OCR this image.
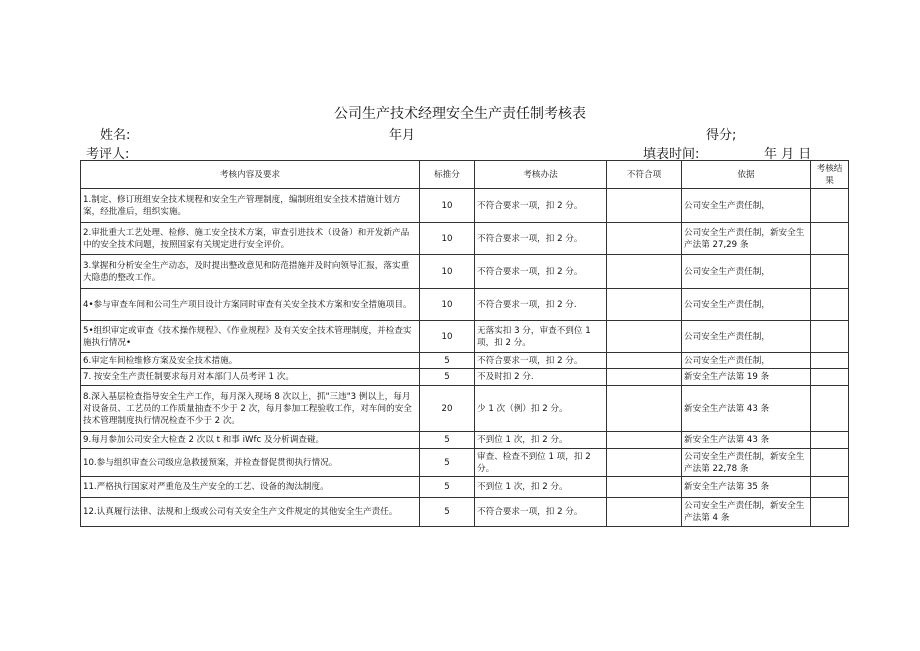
公司生产技术经理安全生产责任制考核表
姓名:	年月	得分;
考评人:	填表时间:	年 月 日
考核内容及要求	标推分	考核办法	不符合项	依据	考核结果
1.制定、修订班组安全技术规程和安全生产管理制度，编制班组安全技术措施计划方案，经批准后，组织实施。	10	不符合要求一项，扣 2 分。		公司安全生产责任制，	
2.审批重大工艺处理、检修、施工安全技术方案，审查引进技术（设备）和开发新产品中的安全技术问题，按照国家有关规定进行安全评价。	10	不符合要求一项，扣 2 分。		公司安全生产责任制，新安全生产法第 27,29 条	
3.掌握和分析安全生产动态，及时提出整改意见和防范措施并及时向领导汇报，落实重大隐患的整改工作。	10	不符合要求一项，扣 2 分。		公司安全生产责任制，	
4•参与审查车间和公司生产项目设计方案同时审查有关安全技术方案和安全措施项目。	10	不符合要求一项，扣 2 分.		公司安全生产责任制，	
5•组织审定或审查《技术操作规程》、《作业规程》及有关安全技术管理制度，并检查实施执行情况•	10	无落实扣 3 分，审查不到位 1 项，扣 2 分。		公司安全生产责任制，	
6.审定车间检维修方案及安全技术措施。	5	不符合要求一项，扣 2 分。		公司安全生产责任制，	
7. 按安全生产责任制要求每月对本部门人员考评 1 次。	5	不及时扣 2 分.		新安全生产法第 19 条	
8.深入基层检查指导安全生产工作，每月深入现场 8 次以上，抓"三违"3 例以上，每月对设备员、工艺员的工作质量抽查不少于 2 次，每月参加工程验收工作，对车间的安全技术管理制度执行情况检查不少于 2 次。	20	少 1 次（例）扣 2 分。		新安全生产法第 43 条	
9.每月参加公司安全大检查 2 次以 t 和事 iWfc 及分析调查碰。	5	不到位 1 次，扣 2 分。		新安全生产法第 43 条	
10.参与组织审查公司级应急救援预案，并检查督促贯彻执行情况。	5	审查、检查不到位 1 项，扣 2 分。		公司安全生产责任制，新安全生产法第 22,78 条	
11.严格执行国家对严重危及生产安全的工艺、设备的淘汰制度。	5	不到位 1 次，扣 2 分。		新安全生产法第 35 条	
12.认真履行法律、法规和上级或公司有关安全生产文件规定的其他安全生产责任。	5	不符合要求一项，扣 2 分。		公司安全生产责任制，新安全生产法第 4 条	
